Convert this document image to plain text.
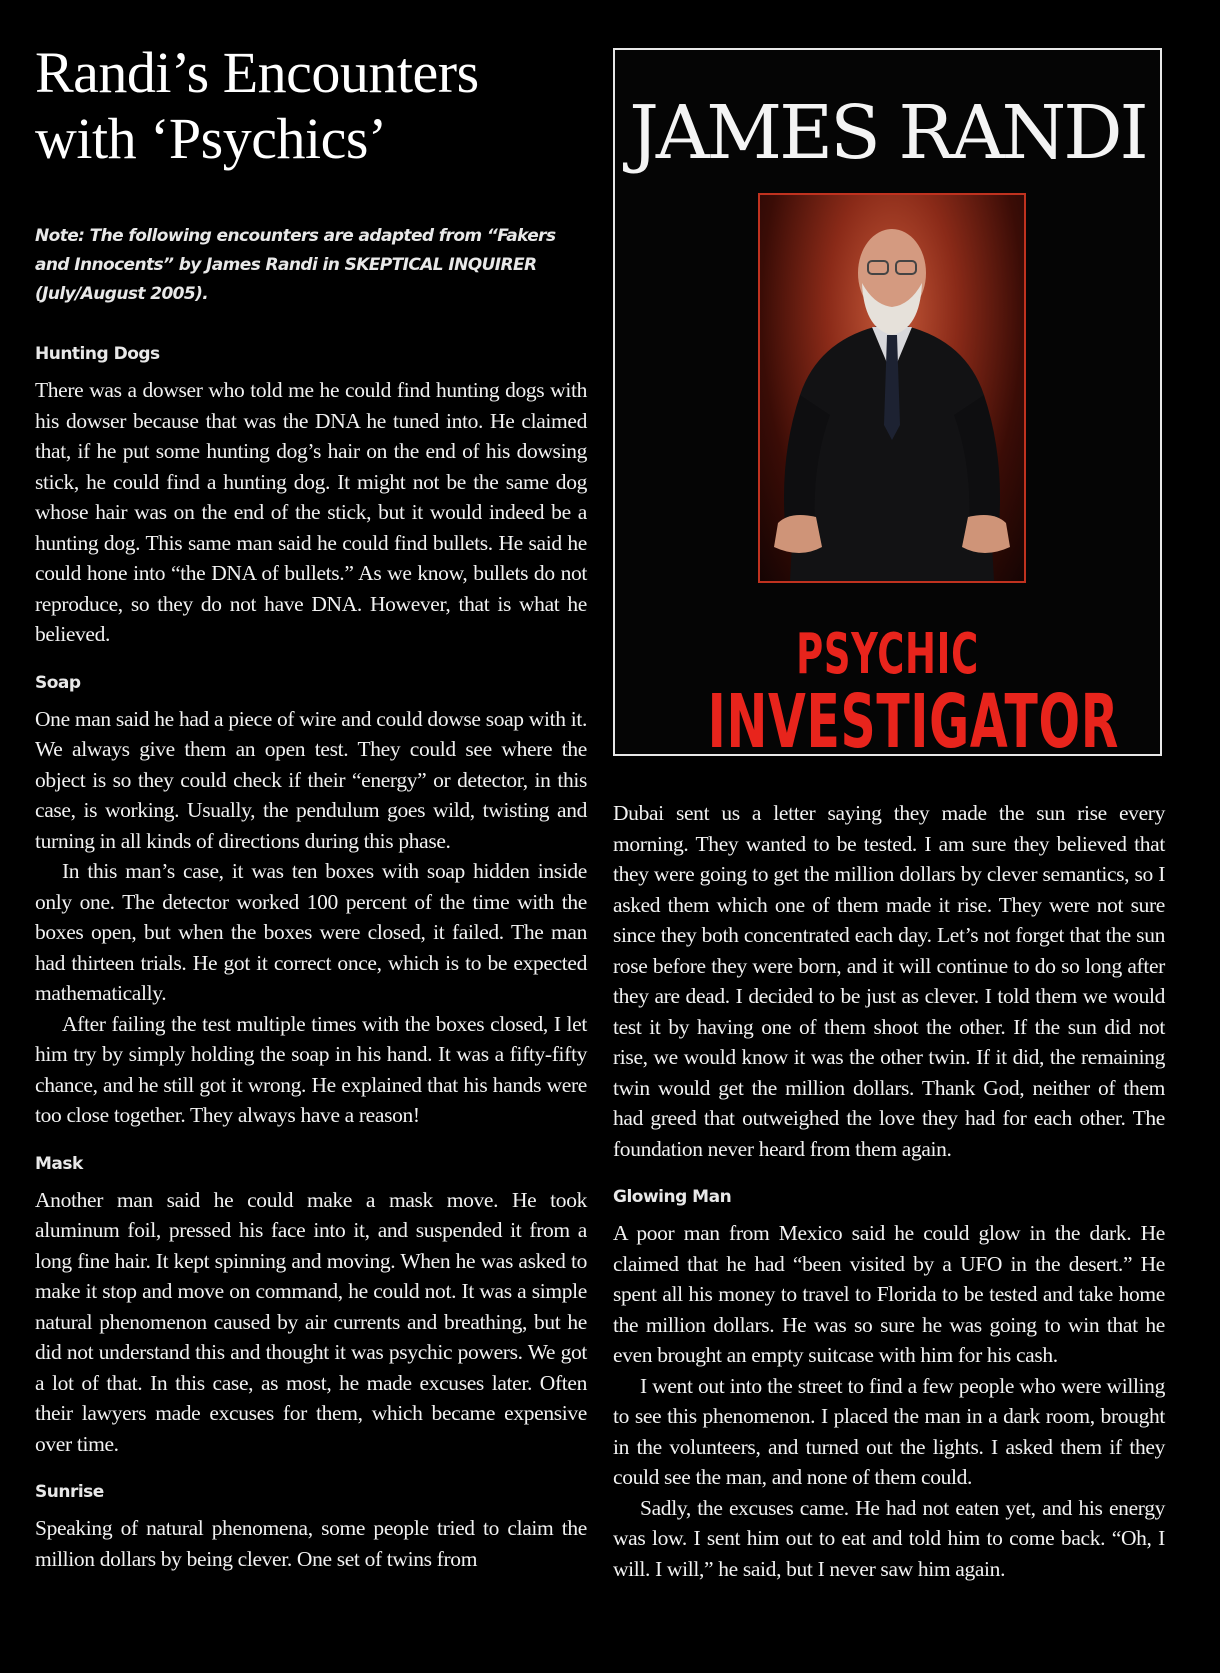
Randi’s Encounters
with ‘Psychics’
Note: The following encounters are adapted from “Fakers and Innocents” by James Randi in SKEPTICAL INQUIRER (July/August 2005).
Hunting Dogs

There was a dowser who told me he could find hunting dogs with his dowser because that was the DNA he tuned into. He claimed that, if he put some hunting dog’s hair on the end of his dowsing stick, he could find a hunting dog. It might not be the same dog whose hair was on the end of the stick, but it would indeed be a hunting dog. This same man said he could find bullets. He said he could hone into “the DNA of bullets.” As we know, bullets do not reproduce, so they do not have DNA. However, that is what he believed.

Soap

One man said he had a piece of wire and could dowse soap with it. We always give them an open test. They could see where the object is so they could check if their “energy” or detector, in this case, is working. Usually, the pendulum goes wild, twisting and turning in all kinds of directions during this phase.

In this man’s case, it was ten boxes with soap hidden inside only one. The detector worked 100 percent of the time with the boxes open, but when the boxes were closed, it failed. The man had thirteen trials. He got it correct once, which is to be expected mathematically.

After failing the test multiple times with the boxes closed, I let him try by simply holding the soap in his hand. It was a fifty-fifty chance, and he still got it wrong. He explained that his hands were too close together. They always have a reason!

Mask

Another man said he could make a mask move. He took aluminum foil, pressed his face into it, and suspended it from a long fine hair. It kept spinning and moving. When he was asked to make it stop and move on command, he could not. It was a simple natural phenomenon caused by air currents and breathing, but he did not understand this and thought it was psychic powers. We got a lot of that. In this case, as most, he made excuses later. Often their lawyers made excuses for them, which became expensive over time.

Sunrise

Speaking of natural phenomena, some people tried to claim the million dollars by being clever. One set of twins from

JAMES RANDI
PSYCHIC
INVESTIGATOR

Dubai sent us a letter saying they made the sun rise every morning. They wanted to be tested. I am sure they believed that they were going to get the million dollars by clever semantics, so I asked them which one of them made it rise. They were not sure since they both concentrated each day. Let’s not forget that the sun rose before they were born, and it will continue to do so long after they are dead. I decided to be just as clever. I told them we would test it by having one of them shoot the other. If the sun did not rise, we would know it was the other twin. If it did, the remaining twin would get the million dollars. Thank God, neither of them had greed that outweighed the love they had for each other. The foundation never heard from them again.

Glowing Man

A poor man from Mexico said he could glow in the dark. He claimed that he had “been visited by a UFO in the desert.” He spent all his money to travel to Florida to be tested and take home the million dollars. He was so sure he was going to win that he even brought an empty suitcase with him for his cash.

I went out into the street to find a few people who were willing to see this phenomenon. I placed the man in a dark room, brought in the volunteers, and turned out the lights. I asked them if they could see the man, and none of them could.

Sadly, the excuses came. He had not eaten yet, and his energy was low. I sent him out to eat and told him to come back. “Oh, I will. I will,” he said, but I never saw him again.
